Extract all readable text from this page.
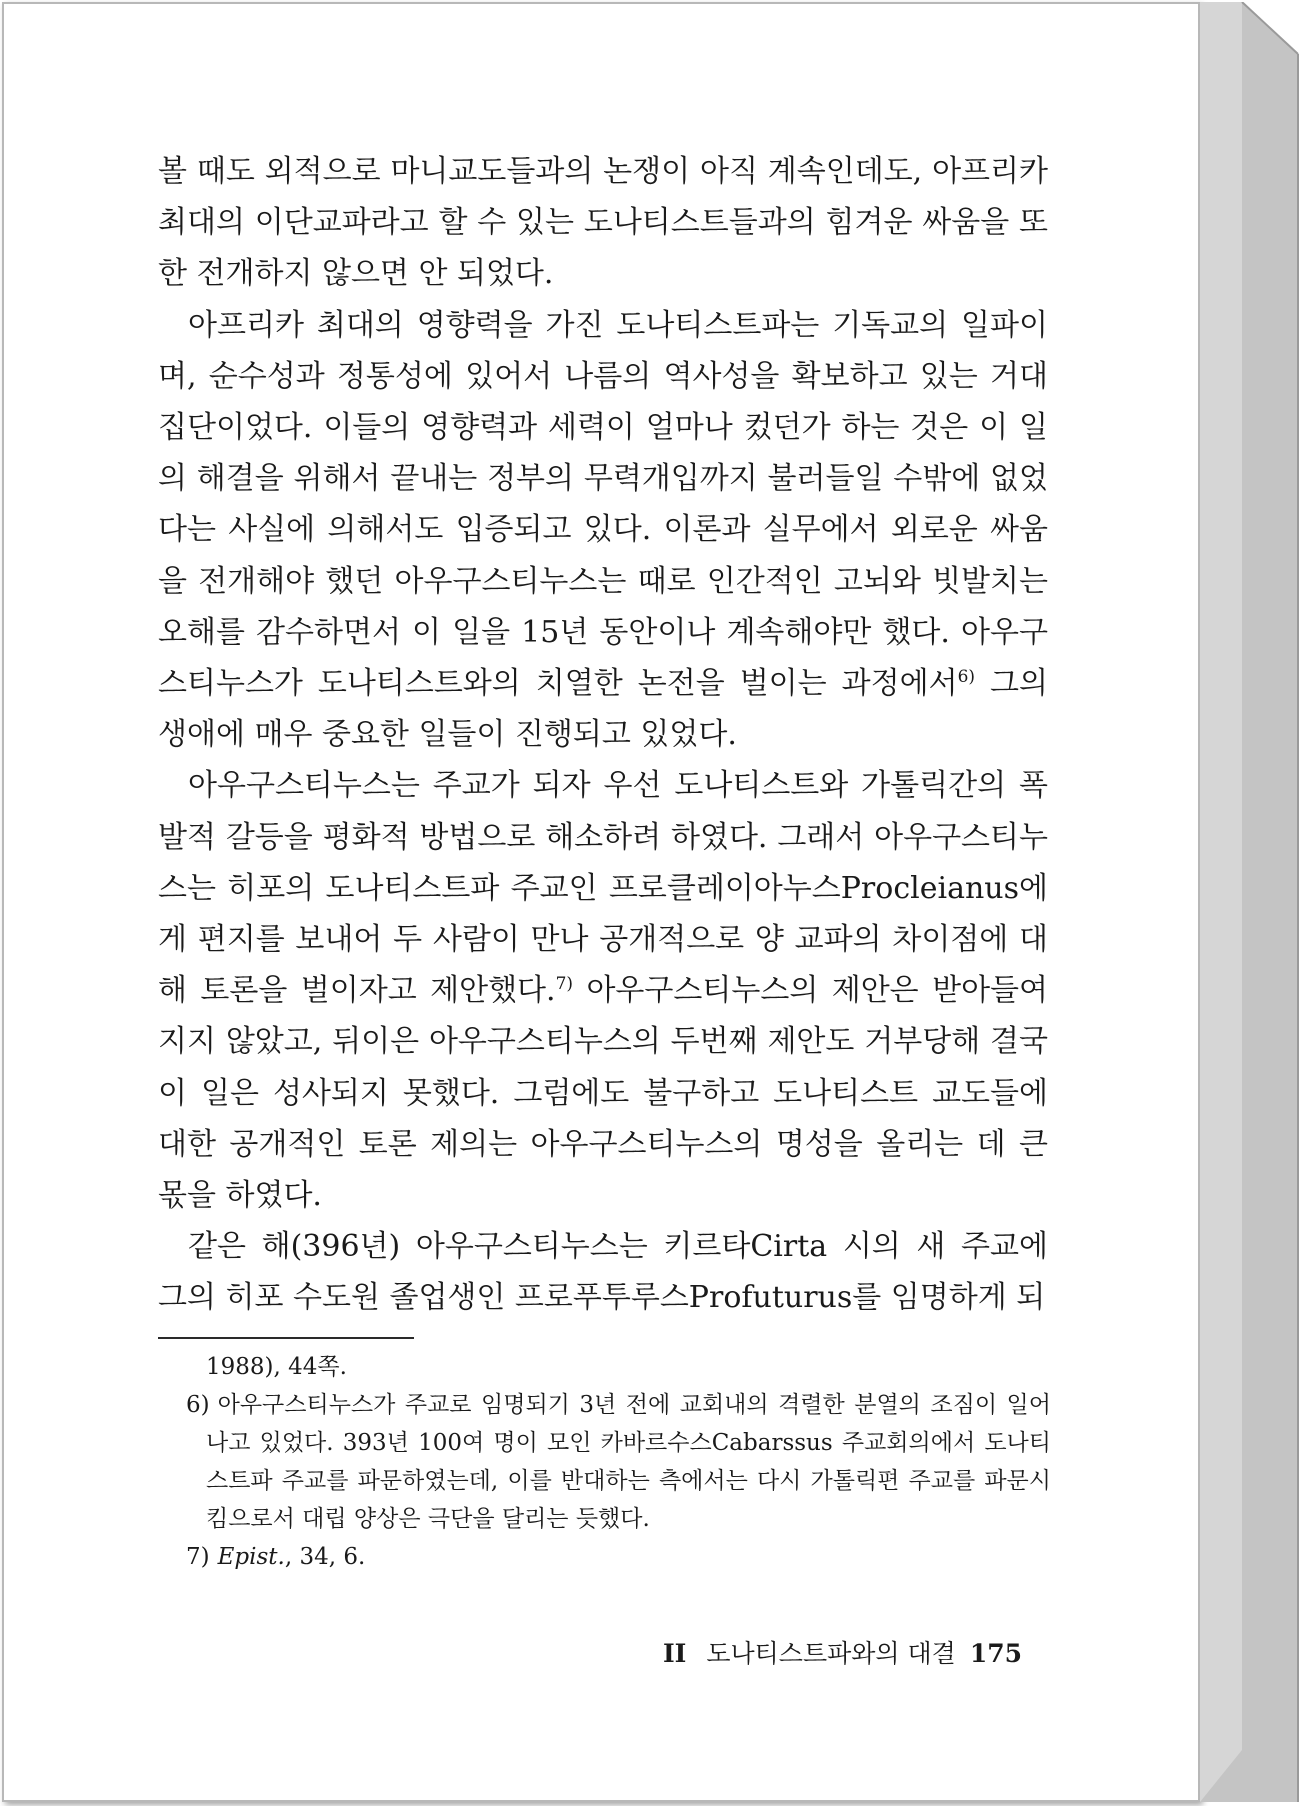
볼 때도 외적으로 마니교도들과의 논쟁이 아직 계속인데도, 아프리카 최대의 이단교파라고 할 수 있는 도나티스트들과의 힘겨운 싸움을 또한 전개하지 않으면 안 되었다.

아프리카 최대의 영향력을 가진 도나티스트파는 기독교의 일파이며, 순수성과 정통성에 있어서 나름의 역사성을 확보하고 있는 거대집단이었다. 이들의 영향력과 세력이 얼마나 컸던가 하는 것은 이 일의 해결을 위해서 끝내는 정부의 무력개입까지 불러들일 수밖에 없었다는 사실에 의해서도 입증되고 있다. 이론과 실무에서 외로운 싸움을 전개해야 했던 아우구스티누스는 때로 인간적인 고뇌와 빗발치는 오해를 감수하면서 이 일을 15년 동안이나 계속해야만 했다. 아우구스티누스가 도나티스트와의 치열한 논전을 벌이는 과정에서$^{6)}$ 그의 생애에 매우 중요한 일들이 진행되고 있었다.

아우구스티누스는 주교가 되자 우선 도나티스트와 가톨릭간의 폭발적 갈등을 평화적 방법으로 해소하려 하였다. 그래서 아우구스티누스는 히포의 도나티스트파 주교인 프로클레이아누스Procleianus에게 편지를 보내어 두 사람이 만나 공개적으로 양 교파의 차이점에 대해 토론을 벌이자고 제안했다.$^{7)}$ 아우구스티누스의 제안은 받아들여지지 않았고, 뒤이은 아우구스티누스의 두번째 제안도 거부당해 결국 이 일은 성사되지 못했다. 그럼에도 불구하고 도나티스트 교도들에 대한 공개적인 토론 제의는 아우구스티누스의 명성을 올리는 데 큰 몫을 하였다.

같은 해(396년) 아우구스티누스는 키르타Cirta 시의 새 주교에 그의 히포 수도원 졸업생인 프로푸투루스Profuturus를 임명하게 되

1988), 44쪽.

6) 아우구스티누스가 주교로 임명되기 3년 전에 교회내의 격렬한 분열의 조짐이 일어나고 있었다. 393년 100여 명이 모인 카바르수스Cabarssus 주교회의에서 도나티스트파 주교를 파문하였는데, 이를 반대하는 측에서는 다시 가톨릭편 주교를 파문시킴으로서 대립 양상은 극단을 달리는 듯했다.

7) Epist., 34, 6.

II 도나티스트파와의 대결 175
